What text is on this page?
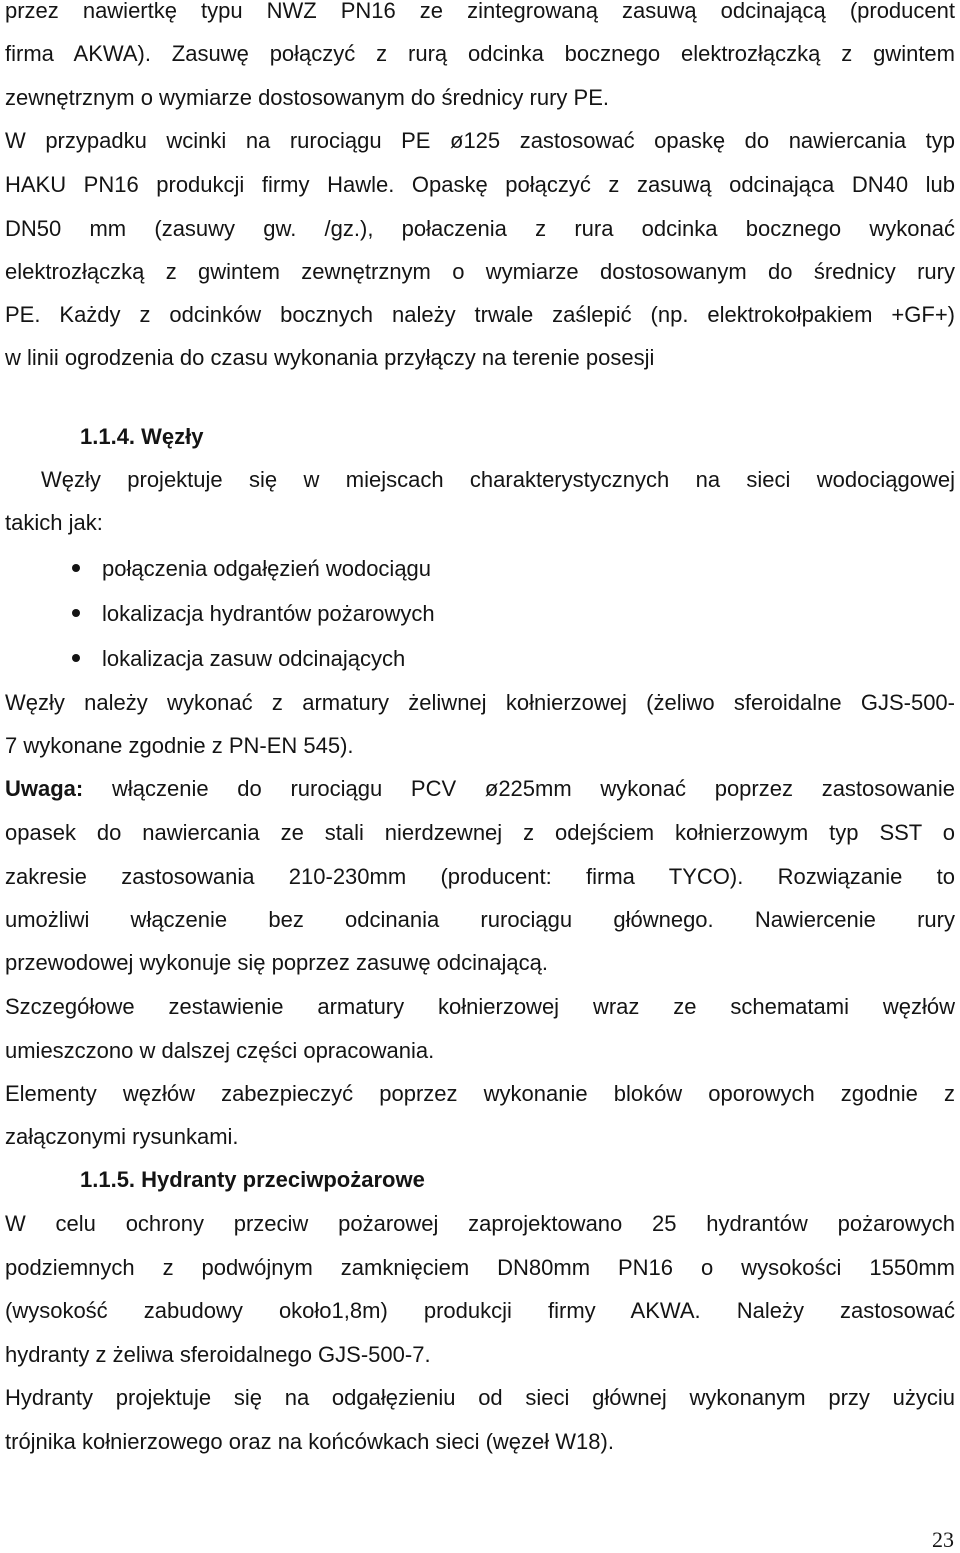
przez nawiertkę typu NWZ PN16 ze zintegrowaną zasuwą odcinającą (producent
firma AKWA). Zasuwę połączyć z rurą odcinka bocznego elektrozłączką z gwintem
zewnętrznym o wymiarze dostosowanym do średnicy rury PE.
W przypadku wcinki na rurociągu PE ø125 zastosować opaskę do nawiercania typ
HAKU PN16 produkcji firmy Hawle. Opaskę połączyć z zasuwą odcinająca DN40 lub
DN50 mm (zasuwy gw. /gz.), połaczenia z rura odcinka bocznego wykonać
elektrozłączką z gwintem zewnętrznym o wymiarze dostosowanym do średnicy rury
PE. Każdy z odcinków bocznych należy trwale zaślepić (np. elektrokołpakiem +GF+)
w linii ogrodzenia do czasu wykonania przyłączy na terenie posesji
1.1.4. Węzły
Węzły projektuje się w miejscach charakterystycznych na sieci wodociągowej
takich jak:
połączenia odgałęzień wodociągu
lokalizacja hydrantów pożarowych
lokalizacja zasuw odcinających
Węzły należy wykonać z armatury żeliwnej kołnierzowej (żeliwo sferoidalne GJS-500-
7 wykonane zgodnie z PN-EN 545).
Uwaga: włączenie do rurociągu PCV ø225mm wykonać poprzez zastosowanie
opasek do nawiercania ze stali nierdzewnej z odejściem kołnierzowym typ SST o
zakresie zastosowania 210-230mm (producent: firma TYCO). Rozwiązanie to
umożliwi włączenie bez odcinania rurociągu głównego. Nawiercenie rury
przewodowej wykonuje się poprzez zasuwę odcinającą.
Szczegółowe zestawienie armatury kołnierzowej wraz ze schematami węzłów
umieszczono w dalszej części opracowania.
Elementy węzłów zabezpieczyć poprzez wykonanie bloków oporowych zgodnie z
załączonymi rysunkami.
1.1.5. Hydranty przeciwpożarowe
W celu ochrony przeciw pożarowej zaprojektowano 25 hydrantów pożarowych
podziemnych z podwójnym zamknięciem DN80mm PN16 o wysokości 1550mm
(wysokość zabudowy około1,8m) produkcji firmy AKWA. Należy zastosować
hydranty z żeliwa sferoidalnego GJS-500-7.
Hydranty projektuje się na odgałęzieniu od sieci głównej wykonanym przy użyciu
trójnika kołnierzowego oraz na końcówkach sieci (węzeł W18).
23
